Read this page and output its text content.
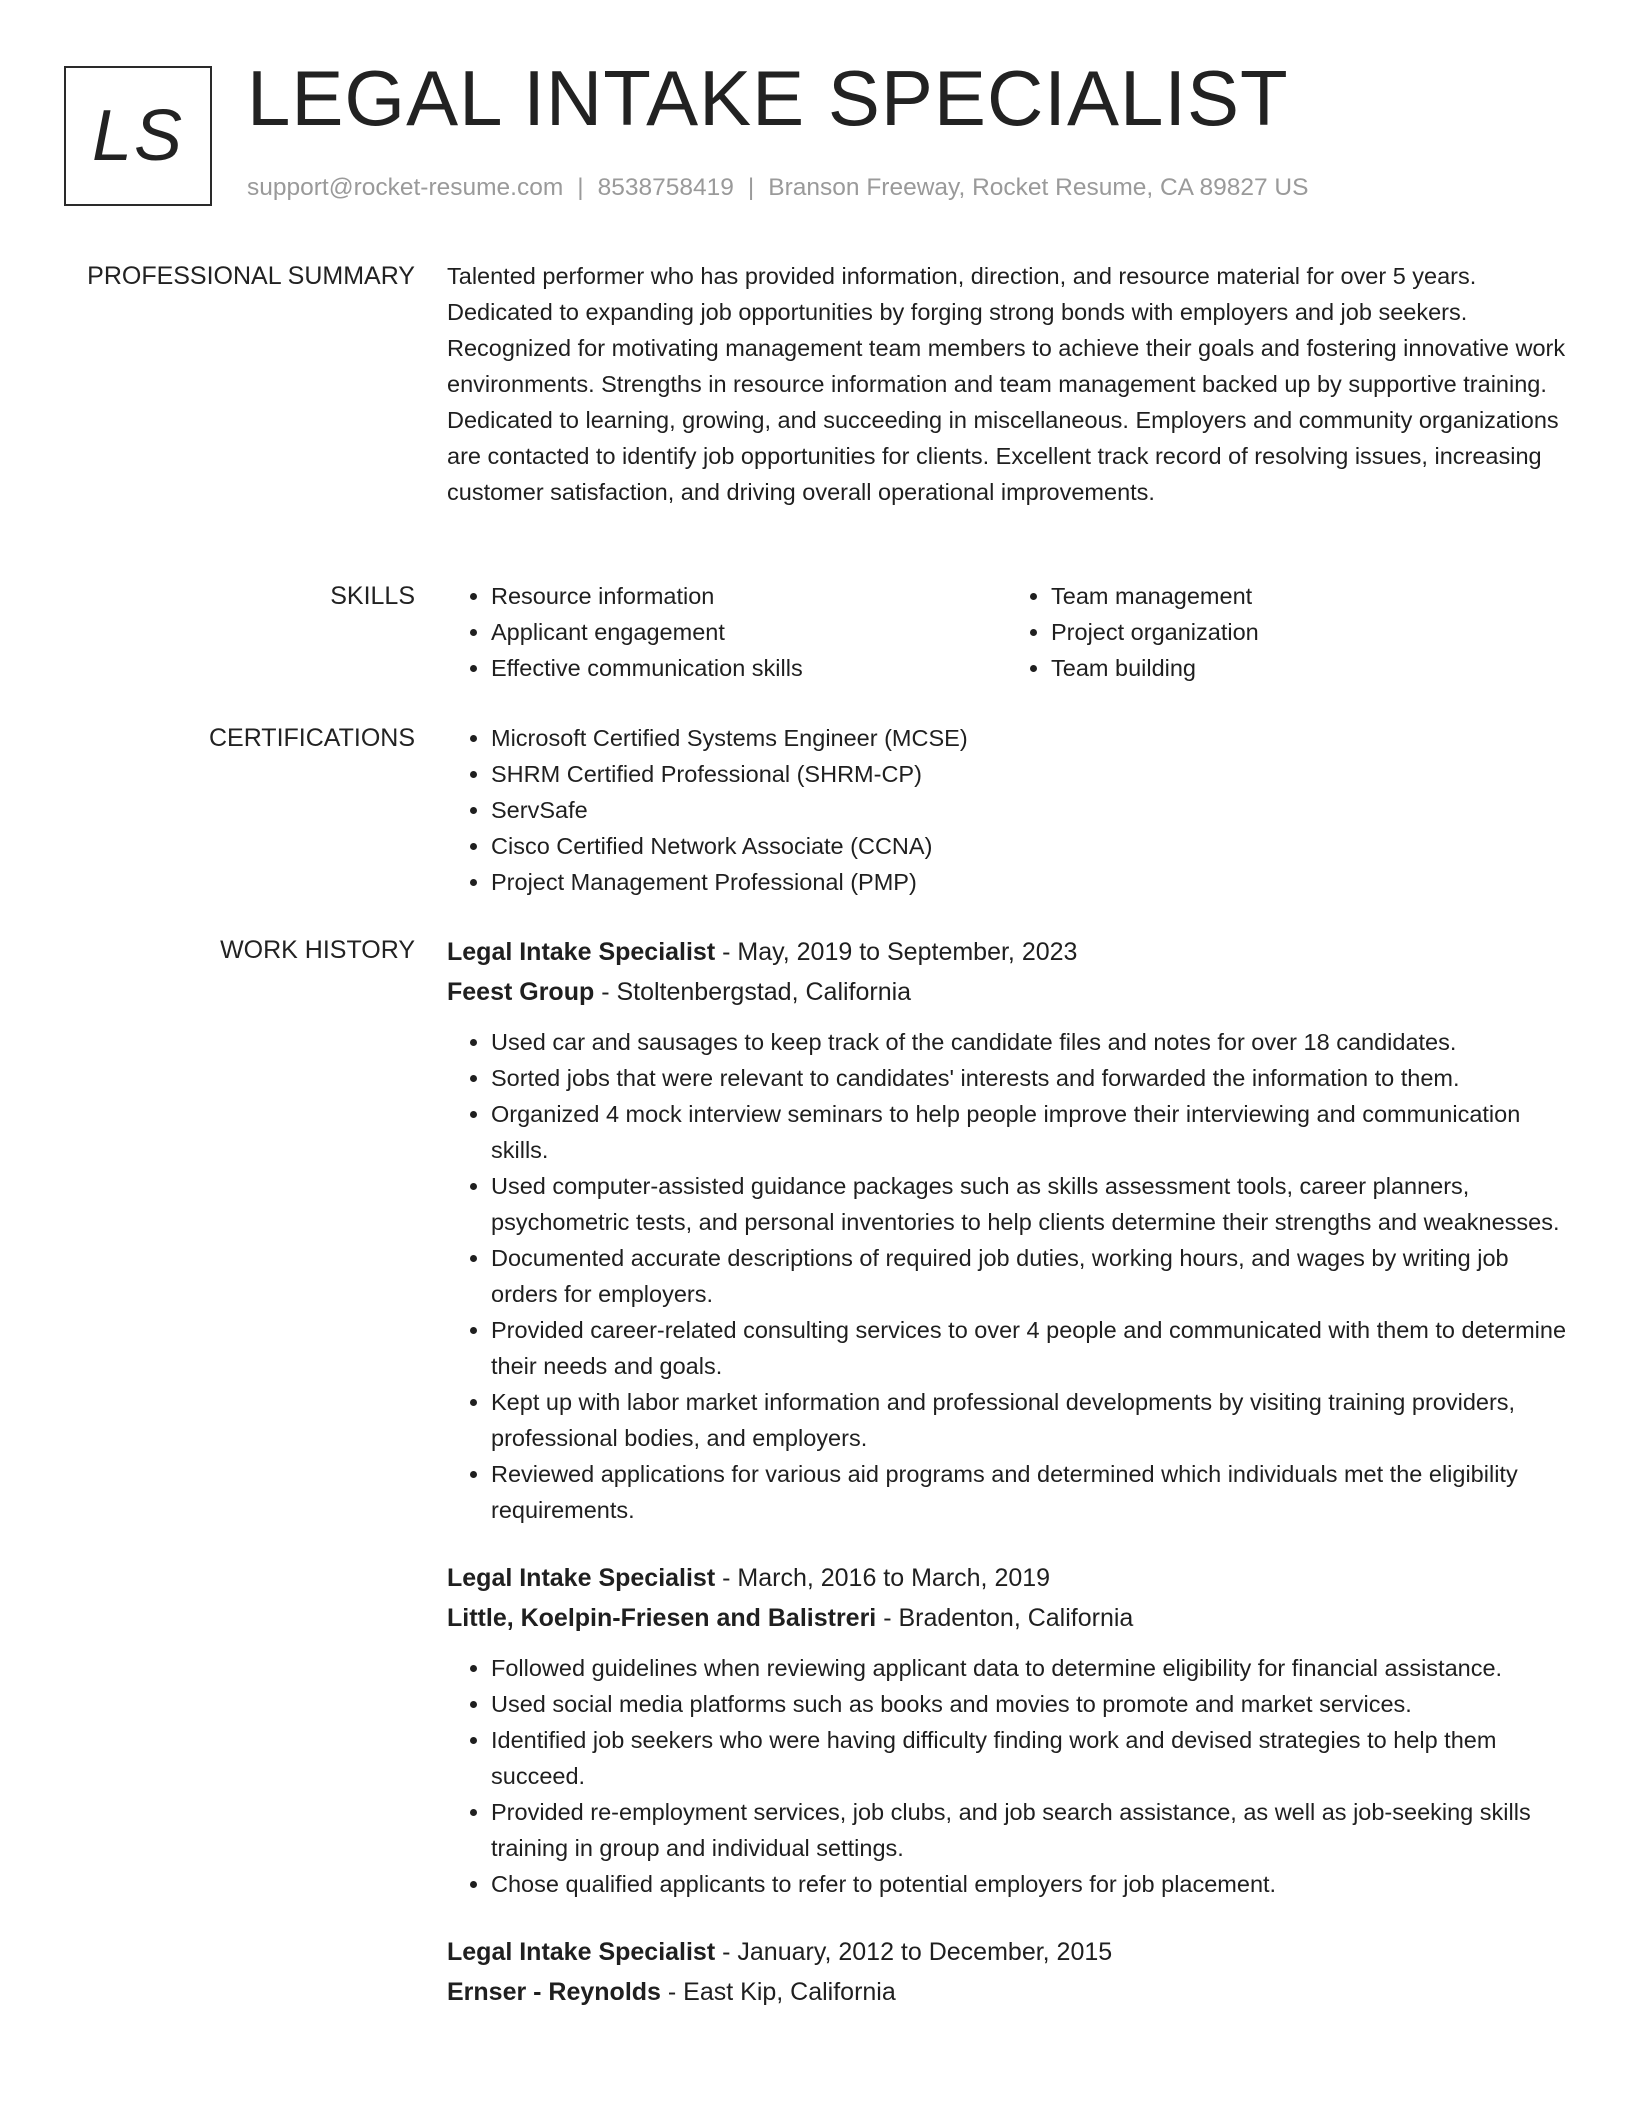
LS LEGAL INTAKE SPECIALIST
support@rocket-resume.com | 8538758419 | Branson Freeway, Rocket Resume, CA 89827 US
PROFESSIONAL SUMMARY Talented performer who has provided information, direction, and resource material for over 5 years. Dedicated to expanding job opportunities by forging strong bonds with employers and job seekers. Recognized for motivating management team members to achieve their goals and fostering innovative work environments. Strengths in resource information and team management backed up by supportive training. Dedicated to learning, growing, and succeeding in miscellaneous. Employers and community organizations are contacted to identify job opportunities for clients. Excellent track record of resolving issues, increasing customer satisfaction, and driving overall operational improvements.
SKILLS	• Resource information
• Applicant engagement
• Effective communication skills
• Team management
• Project organization
• Team building
CERTIFICATIONS	• Microsoft Certified Systems Engineer (MCSE)
• SHRM Certified Professional (SHRM-CP)
• ServSafe
• Cisco Certified Network Associate (CCNA)
• Project Management Professional (PMP)
WORK HISTORY Legal Intake Specialist - May, 2019 to September, 2023
Feest Group - Stoltenbergstad, California
• Used car and sausages to keep track of the candidate files and notes for over 18 candidates.
• Sorted jobs that were relevant to candidates' interests and forwarded the information to them.
• Organized 4 mock interview seminars to help people improve their interviewing and communication skills.
• Used computer-assisted guidance packages such as skills assessment tools, career planners, psychometric tests, and personal inventories to help clients determine their strengths and weaknesses.
• Documented accurate descriptions of required job duties, working hours, and wages by writing job orders for employers.
• Provided career-related consulting services to over 4 people and communicated with them to determine their needs and goals.
• Kept up with labor market information and professional developments by visiting training providers, professional bodies, and employers.
• Reviewed applications for various aid programs and determined which individuals met the eligibility requirements.
Legal Intake Specialist - March, 2016 to March, 2019
Little, Koelpin-Friesen and Balistreri - Bradenton, California
• Followed guidelines when reviewing applicant data to determine eligibility for financial assistance.
• Used social media platforms such as books and movies to promote and market services.
• Identified job seekers who were having difficulty finding work and devised strategies to help them succeed.
• Provided re-employment services, job clubs, and job search assistance, as well as job-seeking skills training in group and individual settings.
• Chose qualified applicants to refer to potential employers for job placement.
Legal Intake Specialist - January, 2012 to December, 2015
Ernser - Reynolds - East Kip, California
